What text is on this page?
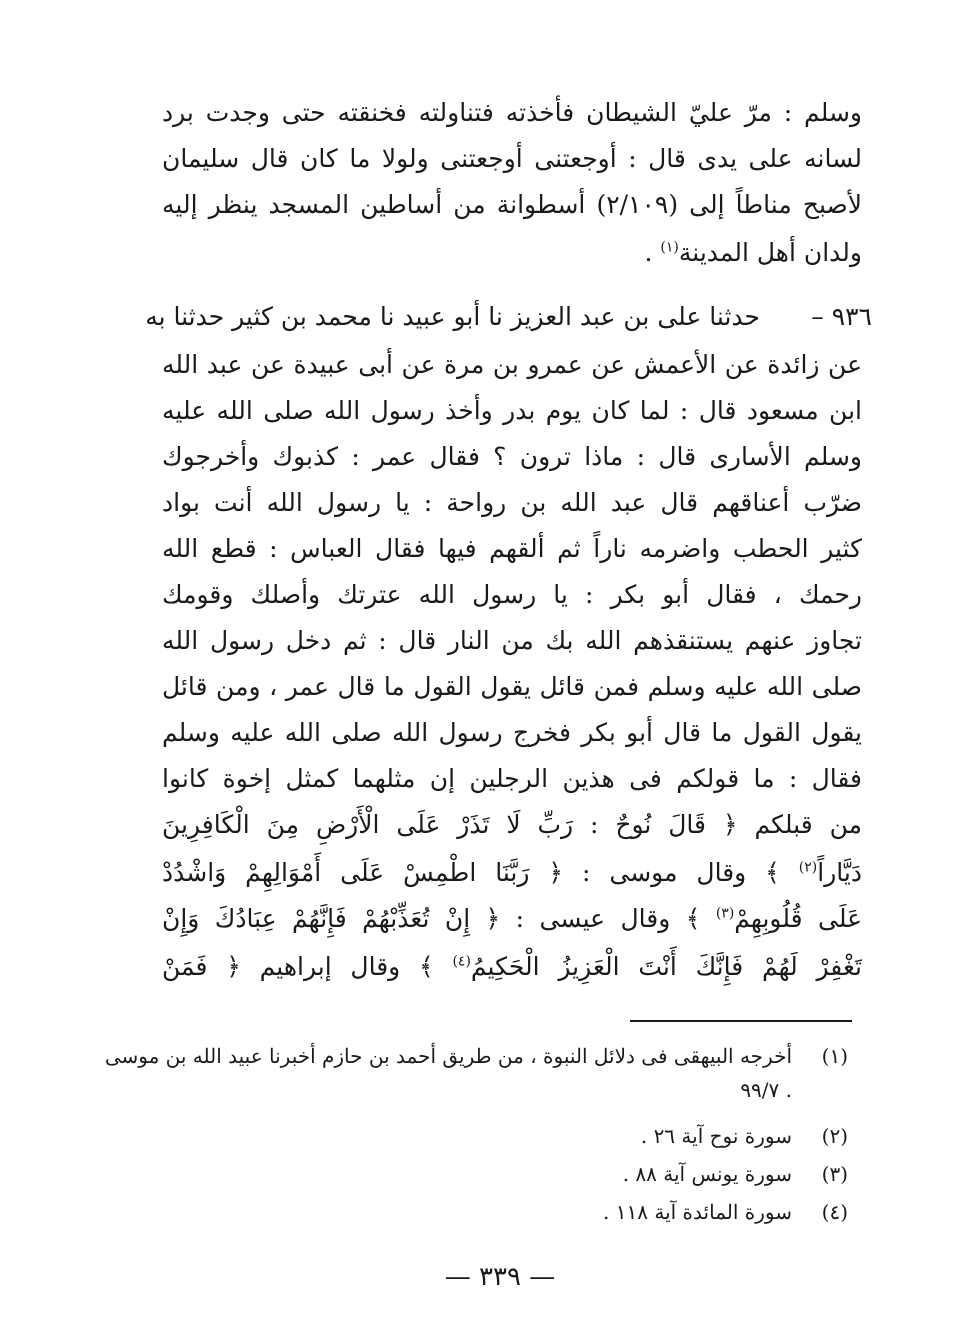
وسلم : مرّ عليّ الشيطان فأخذته فتناولته فخنقته حتى وجدت برد
لسانه على يدى قال : أوجعتنى أوجعتنى ولولا ما كان قال سليمان
لأصبح مناطاً إلى (٢/١٠٩) أسطوانة من أساطين المسجد ينظر إليه
ولدان أهل المدينة$^{(١)}$ .
٩٣٦ –
حدثنا على بن عبد العزيز نا أبو عبيد نا محمد بن كثير حدثنا به
عن زائدة عن الأعمش عن عمرو بن مرة عن أبى عبيدة عن عبد الله
ابن مسعود قال : لما كان يوم بدر وأخذ رسول الله صلى الله عليه
وسلم الأسارى قال : ماذا ترون ؟ فقال عمر : كذبوك وأخرجوك
ضرّب أعناقهم قال عبد الله بن رواحة : يا رسول الله أنت بواد
كثير الحطب واضرمه ناراً ثم ألقهم فيها فقال العباس : قطع الله
رحمك ، فقال أبو بكر : يا رسول الله عترتك وأصلك وقومك
تجاوز عنهم يستنقذهم الله بك من النار قال : ثم دخل رسول الله
صلى الله عليه وسلم فمن قائل يقول القول ما قال عمر ، ومن قائل
يقول القول ما قال أبو بكر فخرج رسول الله صلى الله عليه وسلم
فقال : ما قولكم فى هذين الرجلين إن مثلهما كمثل إخوة كانوا
من قبلكم ﴿ قَالَ نُوحٌ : رَبِّ لَا تَذَرْ عَلَى الْأَرْضِ مِنَ الْكَافِرِينَ
دَيَّاراً$^{(٢)}$ ﴾ وقال موسى : ﴿ رَبَّنَا اطْمِسْ عَلَى أَمْوَالِهِمْ وَاشْدُدْ
عَلَى قُلُوبِهِمْ$^{(٣)}$ ﴾ وقال عيسى : ﴿ إِنْ تُعَذِّبْهُمْ فَإِنَّهُمْ عِبَادُكَ وَإِنْ
تَغْفِرْ لَهُمْ فَإِنَّكَ أَنْتَ الْعَزِيزُ الْحَكِيمُ$^{(٤)}$ ﴾ وقال إبراهيم ﴿ فَمَنْ
(١)
أخرجه البيهقى فى دلائل النبوة ، من طريق أحمد بن حازم أخبرنا عبيد الله بن موسى
. ٩٩/٧
(٢)
سورة نوح آية ٢٦ .
(٣)
سورة يونس آية ٨٨ .
(٤)
سورة المائدة آية ١١٨ .
— ٣٣٩ —
